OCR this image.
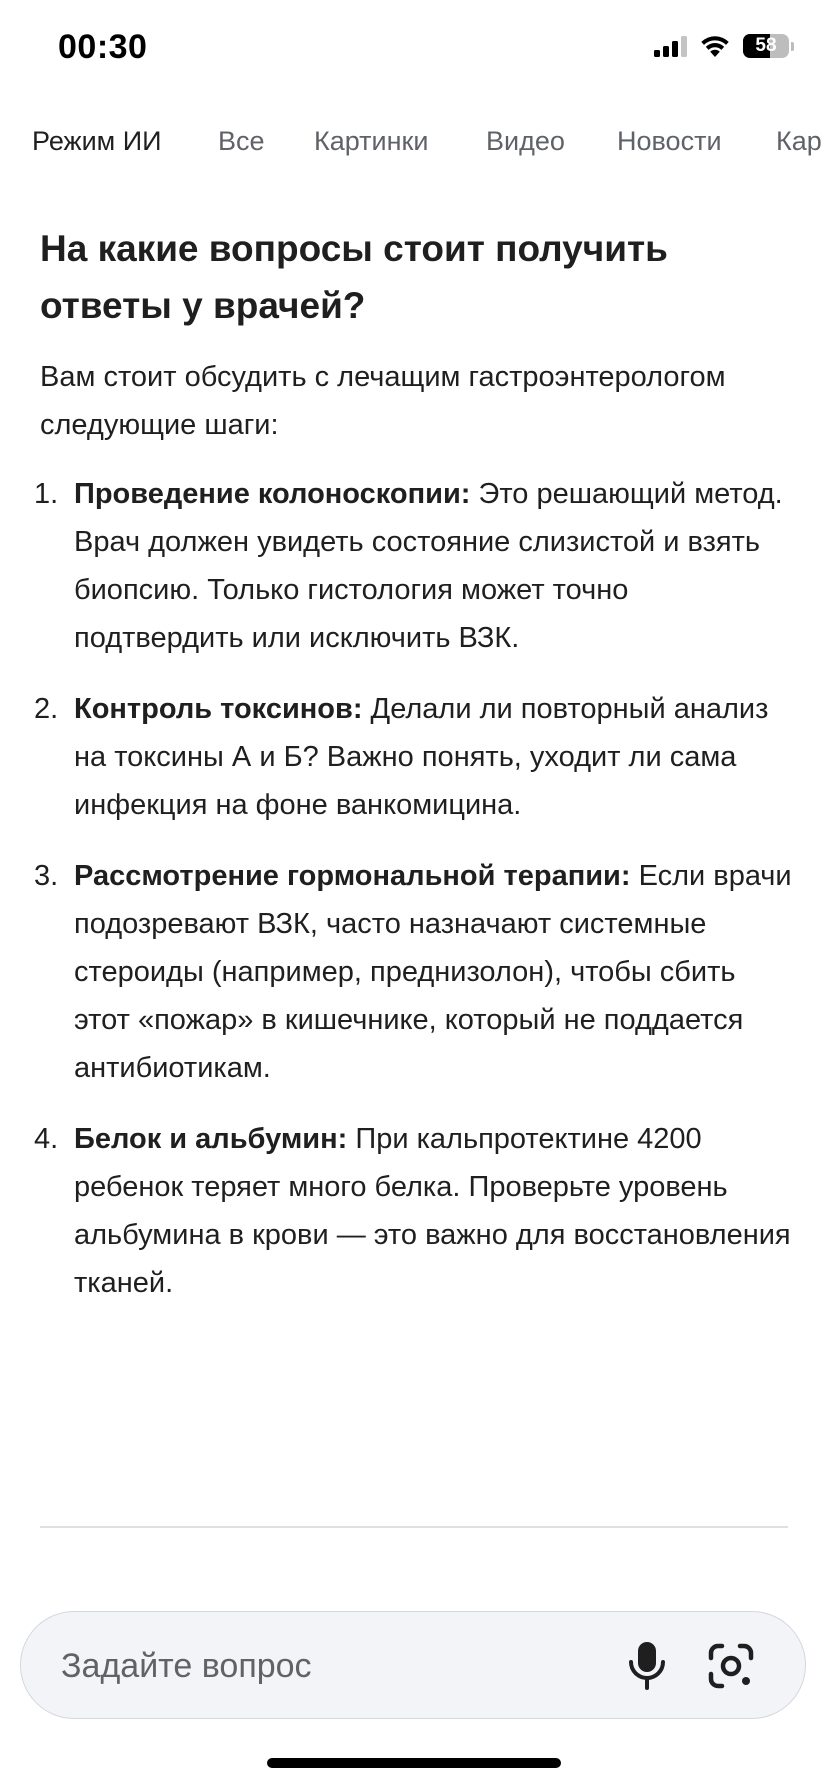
00:30	58
Режим ИИ Все Картинки Видео Новости Кар
На какие вопросы стоит получить ответы у врачей?

Вам стоит обсудить с лечащим гастроэнтерологом следующие шаги:

1. Проведение колоноскопии: Это решающий метод. Врач должен увидеть состояние слизистой и взять биопсию. Только гистология может точно подтвердить или исключить ВЗК.
2. Контроль токсинов: Делали ли повторный анализ на токсины А и Б? Важно понять, уходит ли сама инфекция на фоне ванкомицина.
3. Рассмотрение гормональной терапии: Если врачи подозревают ВЗК, часто назначают системные стероиды (например, преднизолон), чтобы сбить этот «пожар» в кишечнике, который не поддается антибиотикам.
4. Белок и альбумин: При кальпротектине 4200 ребенок теряет много белка. Проверьте уровень альбумина в крови — это важно для восстановления тканей.
Задайте вопрос
